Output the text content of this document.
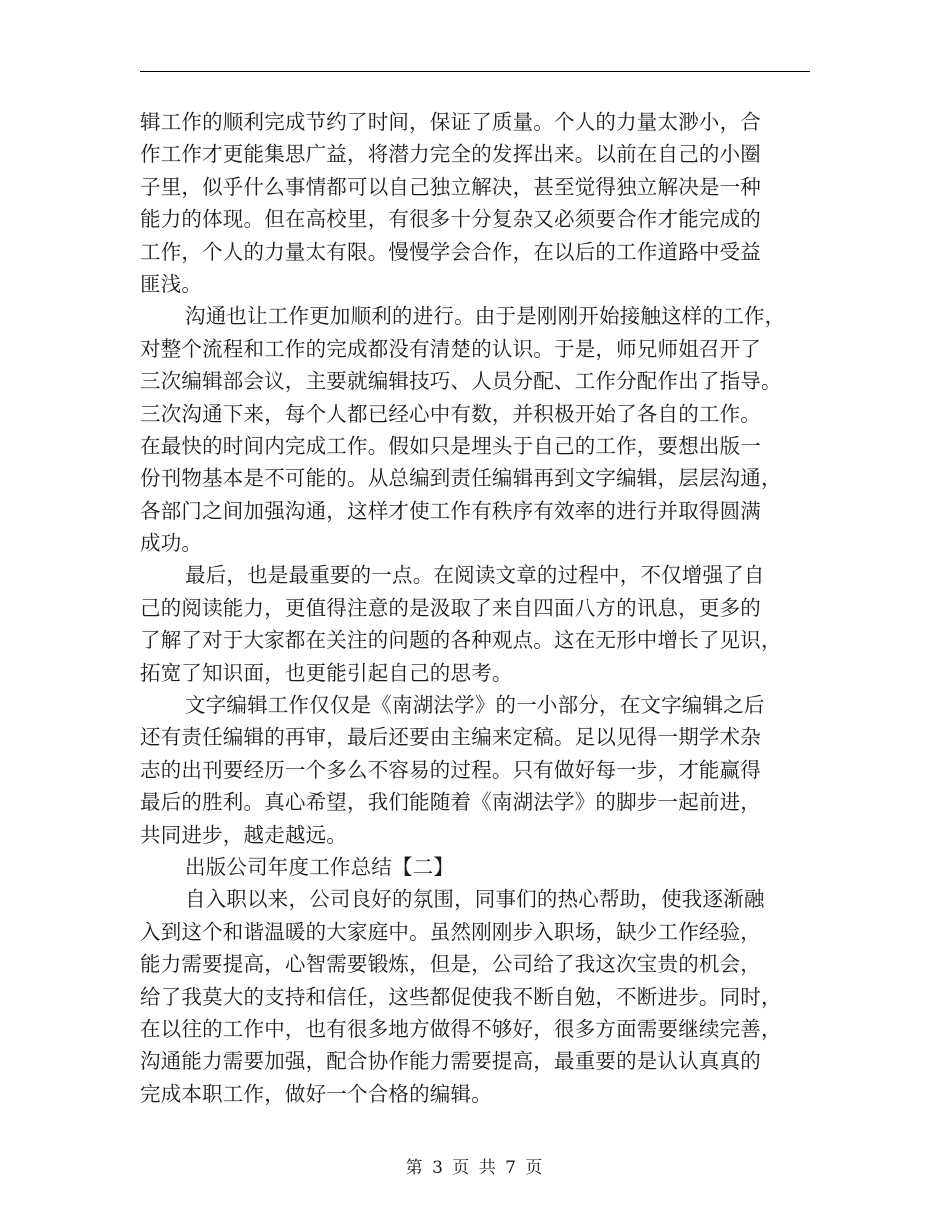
辑工作的顺利完成节约了时间，保证了质量。个人的力量太渺小，合
作工作才更能集思广益，将潜力完全的发挥出来。以前在自己的小圈
子里，似乎什么事情都可以自己独立解决，甚至觉得独立解决是一种
能力的体现。但在高校里，有很多十分复杂又必须要合作才能完成的
工作，个人的力量太有限。慢慢学会合作，在以后的工作道路中受益
匪浅。
沟通也让工作更加顺利的进行。由于是刚刚开始接触这样的工作，
对整个流程和工作的完成都没有清楚的认识。于是，师兄师姐召开了
三次编辑部会议，主要就编辑技巧、人员分配、工作分配作出了指导。
三次沟通下来，每个人都已经心中有数，并积极开始了各自的工作。
在最快的时间内完成工作。假如只是埋头于自己的工作，要想出版一
份刊物基本是不可能的。从总编到责任编辑再到文字编辑，层层沟通，
各部门之间加强沟通，这样才使工作有秩序有效率的进行并取得圆满
成功。
最后，也是最重要的一点。在阅读文章的过程中，不仅增强了自
己的阅读能力，更值得注意的是汲取了来自四面八方的讯息，更多的
了解了对于大家都在关注的问题的各种观点。这在无形中增长了见识，
拓宽了知识面，也更能引起自己的思考。
文字编辑工作仅仅是《南湖法学》的一小部分，在文字编辑之后
还有责任编辑的再审，最后还要由主编来定稿。足以见得一期学术杂
志的出刊要经历一个多么不容易的过程。只有做好每一步，才能赢得
最后的胜利。真心希望，我们能随着《南湖法学》的脚步一起前进，
共同进步，越走越远。
出版公司年度工作总结【二】
自入职以来，公司良好的氛围，同事们的热心帮助，使我逐渐融
入到这个和谐温暖的大家庭中。虽然刚刚步入职场，缺少工作经验，
能力需要提高，心智需要锻炼，但是，公司给了我这次宝贵的机会，
给了我莫大的支持和信任，这些都促使我不断自勉，不断进步。同时，
在以往的工作中，也有很多地方做得不够好，很多方面需要继续完善，
沟通能力需要加强，配合协作能力需要提高，最重要的是认认真真的
完成本职工作，做好一个合格的编辑。
第 3 页 共 7 页
